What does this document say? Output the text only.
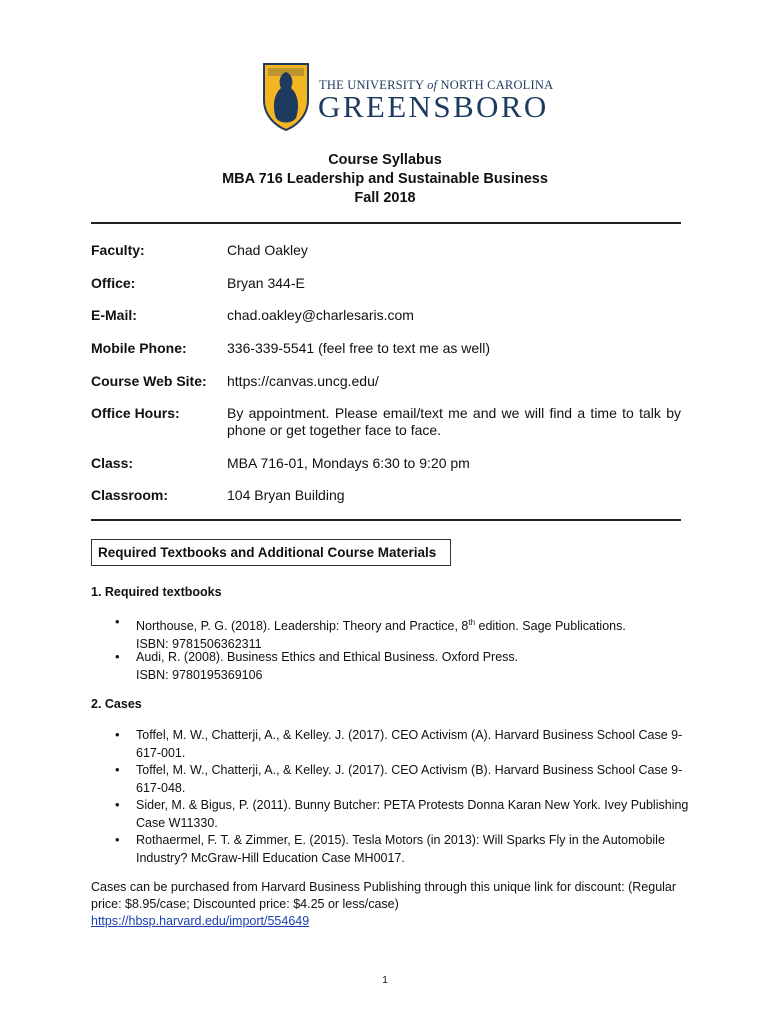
THE UNIVERSITY of NORTH CAROLINA
GREENSBORO
Course Syllabus
MBA 716 Leadership and Sustainable Business
Fall 2018
Faculty:	Chad Oakley
Office:	Bryan 344-E
E-Mail:	chad.oakley@charlesaris.com
Mobile Phone:	336-339-5541 (feel free to text me as well)
Course Web Site: https://canvas.uncg.edu/
Office Hours:	By appointment. Please email/text me and we will find a time to talk by phone or get together face to face.
Class:	MBA 716-01, Mondays 6:30 to 9:20 pm
Classroom:	104 Bryan Building
Required Textbooks and Additional Course Materials
1. Required textbooks
• Northouse, P. G. (2018). Leadership: Theory and Practice, 8th edition. Sage Publications.
ISBN: 9781506362311
• Audi, R. (2008). Business Ethics and Ethical Business. Oxford Press.
ISBN: 9780195369106
2. Cases
• Toffel, M. W., Chatterji, A., & Kelley. J. (2017). CEO Activism (A). Harvard Business School Case 9-617-001.
• Toffel, M. W., Chatterji, A., & Kelley. J. (2017). CEO Activism (B). Harvard Business School Case 9-617-048.
• Sider, M. & Bigus, P. (2011). Bunny Butcher: PETA Protests Donna Karan New York. Ivey Publishing Case W11330.
• Rothaermel, F. T. & Zimmer, E. (2015). Tesla Motors (in 2013): Will Sparks Fly in the Automobile Industry? McGraw-Hill Education Case MH0017.
Cases can be purchased from Harvard Business Publishing through this unique link for discount: (Regular price: $8.95/case; Discounted price: $4.25 or less/case)
https://hbsp.harvard.edu/import/554649
1
